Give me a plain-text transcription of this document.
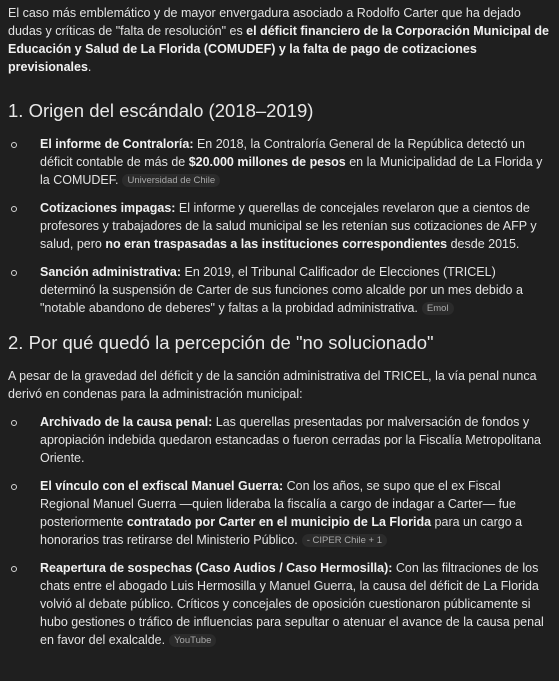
El caso más emblemático y de mayor envergadura asociado a Rodolfo Carter que ha dejado dudas y críticas de "falta de resolución" es el déficit financiero de la Corporación Municipal de Educación y Salud de La Florida (COMUDEF) y la falta de pago de cotizaciones previsionales.

1. Origen del escándalo (2018–2019)
El informe de Contraloría: En 2018, la Contraloría General de la República detectó un déficit contable de más de $20.000 millones de pesos en la Municipalidad de La Florida y la COMUDEF. Universidad de Chile
Cotizaciones impagas: El informe y querellas de concejales revelaron que a cientos de profesores y trabajadores de la salud municipal se les retenían sus cotizaciones de AFP y salud, pero no eran traspasadas a las instituciones correspondientes desde 2015.
Sanción administrativa: En 2019, el Tribunal Calificador de Elecciones (TRICEL) determinó la suspensión de Carter de sus funciones como alcalde por un mes debido a "notable abandono de deberes" y faltas a la probidad administrativa. Emol
2. Por qué quedó la percepción de "no solucionado"

A pesar de la gravedad del déficit y de la sanción administrativa del TRICEL, la vía penal nunca derivó en condenas para la administración municipal:

Archivado de la causa penal: Las querellas presentadas por malversación de fondos y apropiación indebida quedaron estancadas o fueron cerradas por la Fiscalía Metropolitana Oriente.
El vínculo con el exfiscal Manuel Guerra: Con los años, se supo que el ex Fiscal Regional Manuel Guerra —quien lideraba la fiscalía a cargo de indagar a Carter— fue posteriormente contratado por Carter en el municipio de La Florida para un cargo a honorarios tras retirarse del Ministerio Público. - CIPER Chile + 1
Reapertura de sospechas (Caso Audios / Caso Hermosilla): Con las filtraciones de los chats entre el abogado Luis Hermosilla y Manuel Guerra, la causa del déficit de La Florida volvió al debate público. Críticos y concejales de oposición cuestionaron públicamente si hubo gestiones o tráfico de influencias para sepultar o atenuar el avance de la causa penal en favor del exalcalde. YouTube
